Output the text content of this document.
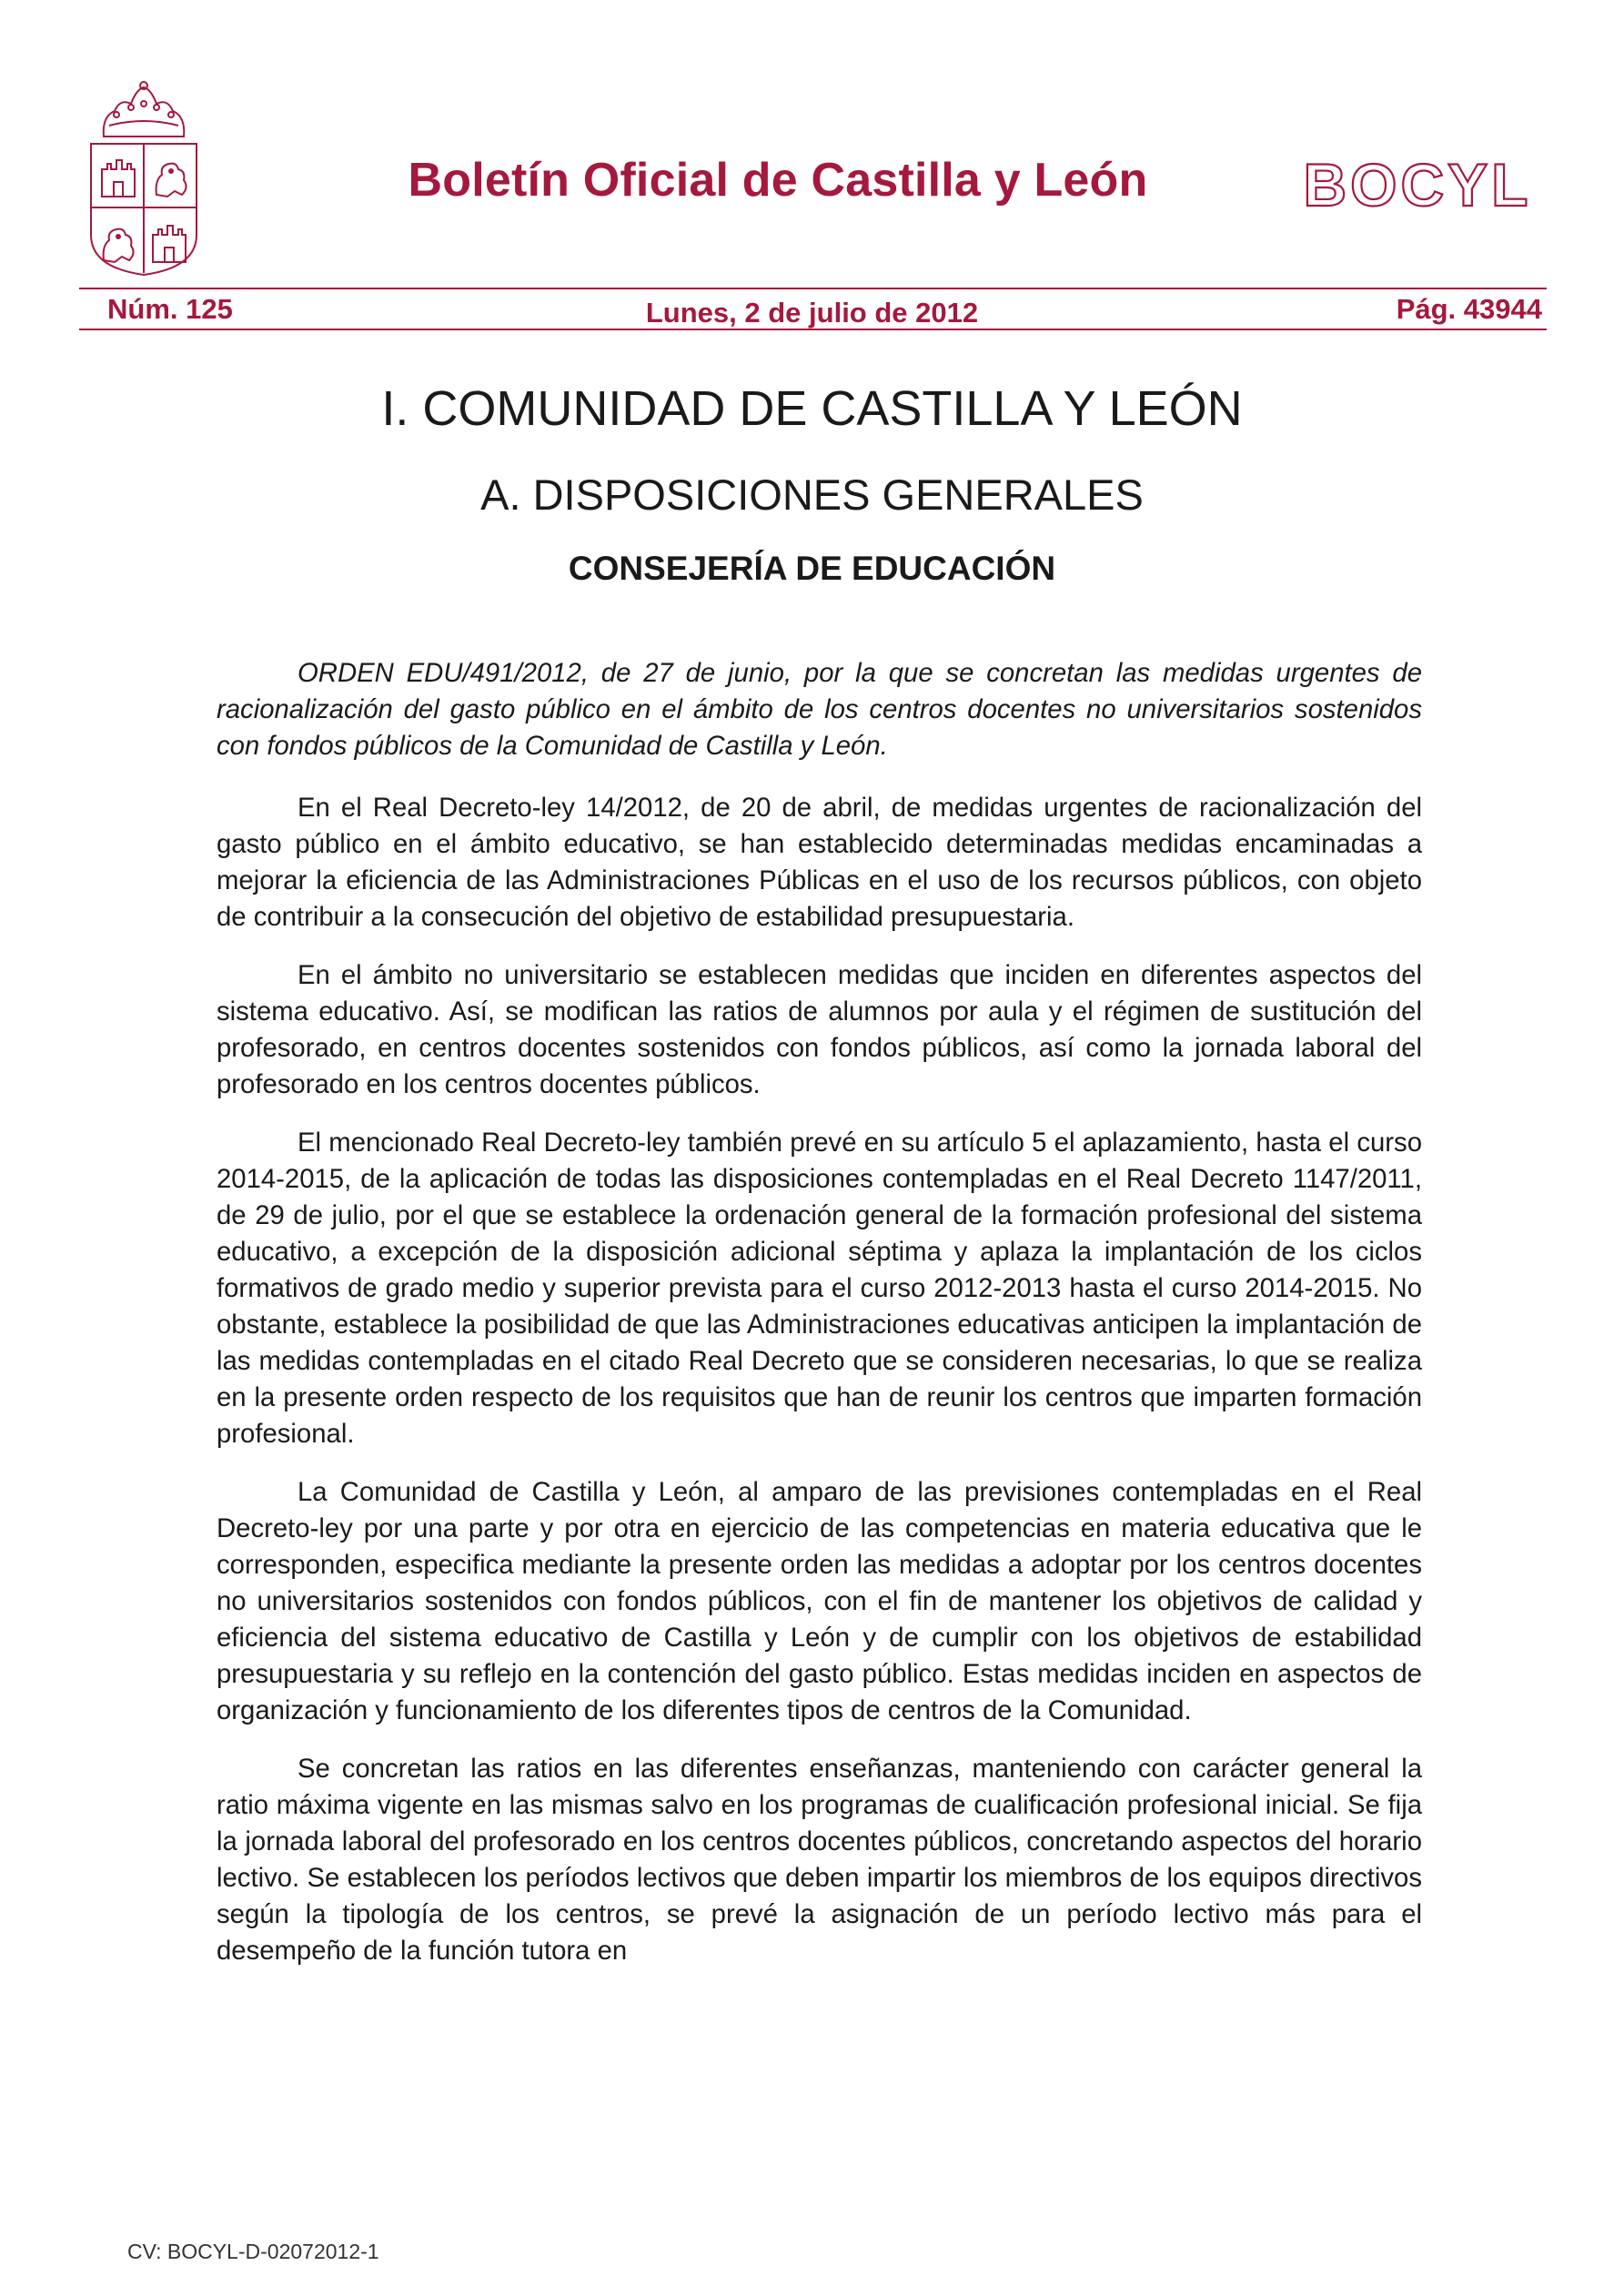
Boletín Oficial de Castilla y León	BOCYL
Núm. 125	Lunes, 2 de julio de 2012	Pág. 43944
I. COMUNIDAD DE CASTILLA Y LEÓN
A. DISPOSICIONES GENERALES
CONSEJERÍA DE EDUCACIÓN

ORDEN EDU/491/2012, de 27 de junio, por la que se concretan las medidas urgentes de racionalización del gasto público en el ámbito de los centros docentes no universitarios sostenidos con fondos públicos de la Comunidad de Castilla y León.

En el Real Decreto-ley 14/2012, de 20 de abril, de medidas urgentes de racionalización del gasto público en el ámbito educativo, se han establecido determinadas medidas encaminadas a mejorar la eficiencia de las Administraciones Públicas en el uso de los recursos públicos, con objeto de contribuir a la consecución del objetivo de estabilidad presupuestaria.

En el ámbito no universitario se establecen medidas que inciden en diferentes aspectos del sistema educativo. Así, se modifican las ratios de alumnos por aula y el régimen de sustitución del profesorado, en centros docentes sostenidos con fondos públicos, así como la jornada laboral del profesorado en los centros docentes públicos.

El mencionado Real Decreto-ley también prevé en su artículo 5 el aplazamiento, hasta el curso 2014-2015, de la aplicación de todas las disposiciones contempladas en el Real Decreto 1147/2011, de 29 de julio, por el que se establece la ordenación general de la formación profesional del sistema educativo, a excepción de la disposición adicional séptima y aplaza la implantación de los ciclos formativos de grado medio y superior prevista para el curso 2012-2013 hasta el curso 2014-2015. No obstante, establece la posibilidad de que las Administraciones educativas anticipen la implantación de las medidas contempladas en el citado Real Decreto que se consideren necesarias, lo que se realiza en la presente orden respecto de los requisitos que han de reunir los centros que imparten formación profesional.

La Comunidad de Castilla y León, al amparo de las previsiones contempladas en el Real Decreto-ley por una parte y por otra en ejercicio de las competencias en materia educativa que le corresponden, especifica mediante la presente orden las medidas a adoptar por los centros docentes no universitarios sostenidos con fondos públicos, con el fin de mantener los objetivos de calidad y eficiencia del sistema educativo de Castilla y León y de cumplir con los objetivos de estabilidad presupuestaria y su reflejo en la contención del gasto público. Estas medidas inciden en aspectos de organización y funcionamiento de los diferentes tipos de centros de la Comunidad.

Se concretan las ratios en las diferentes enseñanzas, manteniendo con carácter general la ratio máxima vigente en las mismas salvo en los programas de cualificación profesional inicial. Se fija la jornada laboral del profesorado en los centros docentes públicos, concretando aspectos del horario lectivo. Se establecen los períodos lectivos que deben impartir los miembros de los equipos directivos según la tipología de los centros, se prevé la asignación de un período lectivo más para el desempeño de la función tutora en

CV: BOCYL-D-02072012-1
